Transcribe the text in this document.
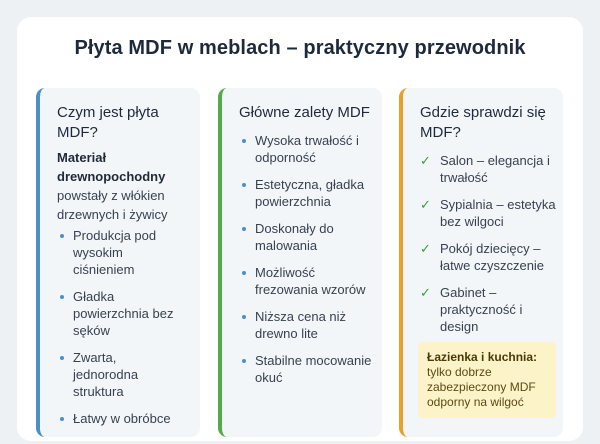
Płyta MDF w meblach – praktyczny przewodnik
Czym jest płyta MDF?
Materiał drewnopochodny powstały z włókien drzewnych i żywicy
Produkcja pod wysokim ciśnieniem
Gładka powierzchnia bez sęków
Zwarta, jednorodna struktura
Łatwy w obróbce
Główne zalety MDF
Wysoka trwałość i odporność
Estetyczna, gładka powierzchnia
Doskonały do malowania
Możliwość frezowania wzorów
Niższa cena niż drewno lite
Stabilne mocowanie okuć
Gdzie sprawdzi się MDF?
✓ Salon – elegancja i trwałość
✓ Sypialnia – estetyka bez wilgoci
✓ Pokój dziecięcy – łatwe czyszczenie
✓ Gabinet – praktyczność i design
Łazienka i kuchnia: tylko dobrze zabezpieczony MDF odporny na wilgoć
